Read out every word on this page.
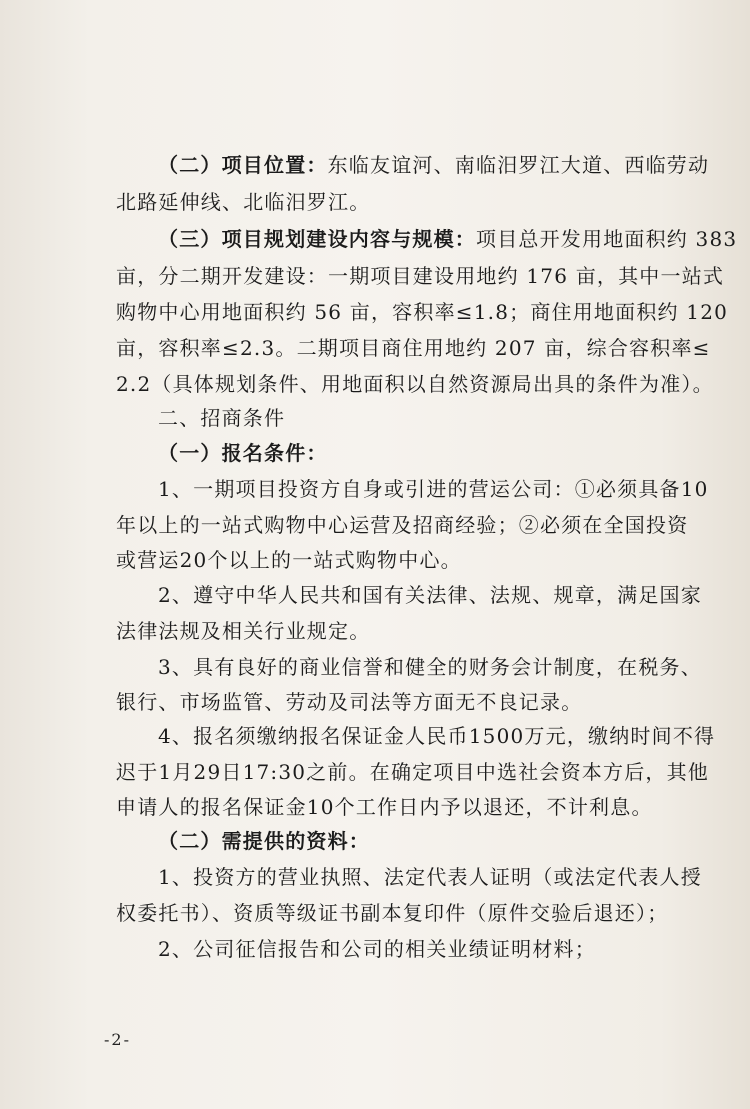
（二）项目位置：东临友谊河、南临汨罗江大道、西临劳动
北路延伸线、北临汨罗江。
（三）项目规划建设内容与规模：项目总开发用地面积约 383
亩，分二期开发建设：一期项目建设用地约 176 亩，其中一站式
购物中心用地面积约 56 亩，容积率≤1.8；商住用地面积约 120
亩，容积率≤2.3。二期项目商住用地约 207 亩，综合容积率≤
2.2（具体规划条件、用地面积以自然资源局出具的条件为准）。
二、招商条件
（一）报名条件：
1、一期项目投资方自身或引进的营运公司：①必须具备10
年以上的一站式购物中心运营及招商经验；②必须在全国投资
或营运20个以上的一站式购物中心。
2、遵守中华人民共和国有关法律、法规、规章，满足国家
法律法规及相关行业规定。
3、具有良好的商业信誉和健全的财务会计制度，在税务、
银行、市场监管、劳动及司法等方面无不良记录。
4、报名须缴纳报名保证金人民币1500万元，缴纳时间不得
迟于1月29日17:30之前。在确定项目中选社会资本方后，其他
申请人的报名保证金10个工作日内予以退还，不计利息。
（二）需提供的资料：
1、投资方的营业执照、法定代表人证明（或法定代表人授
权委托书）、资质等级证书副本复印件（原件交验后退还）；
2、公司征信报告和公司的相关业绩证明材料；
-2-
